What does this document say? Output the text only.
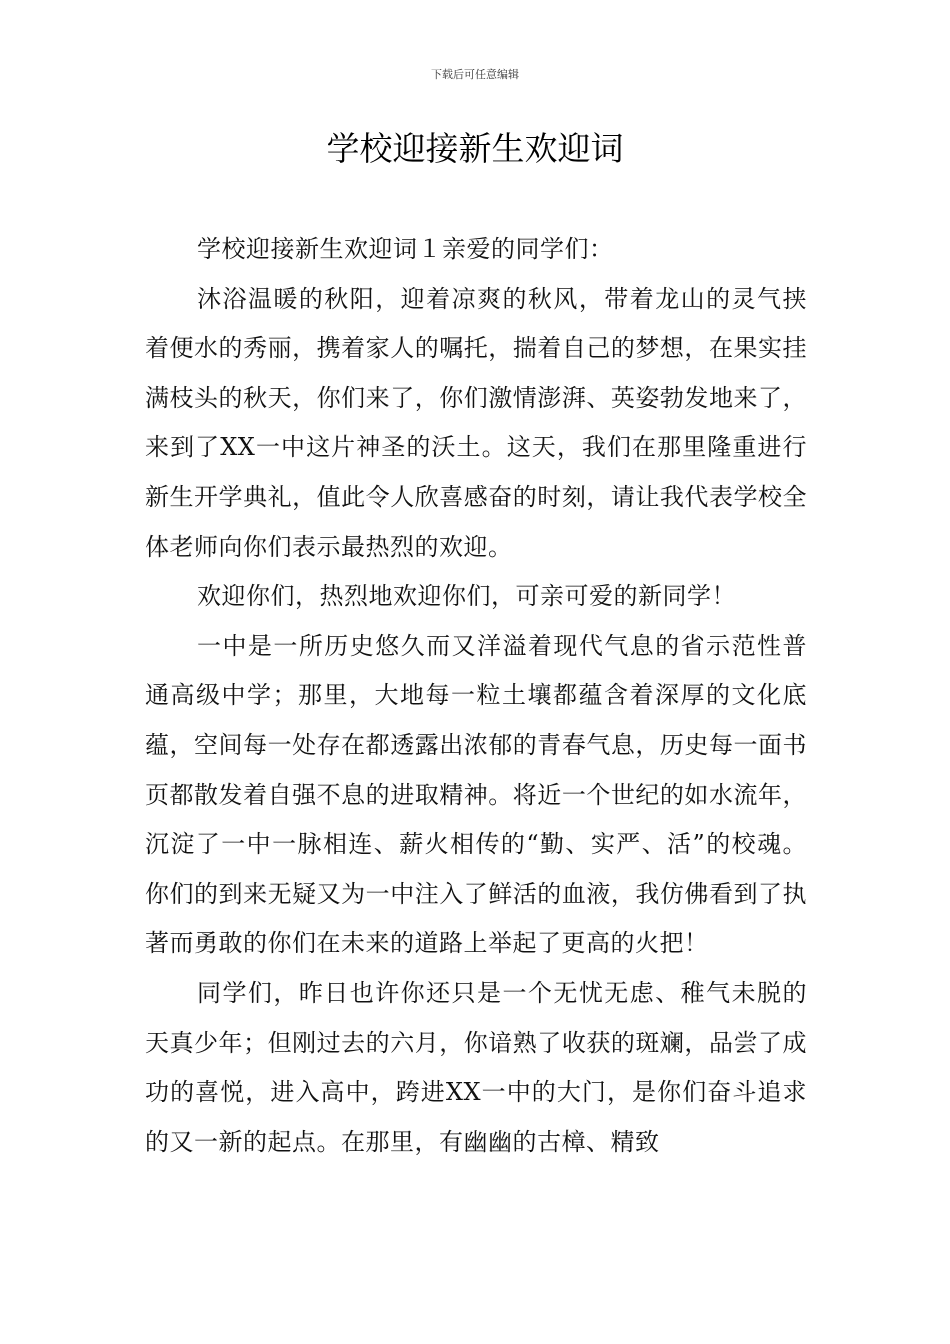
下载后可任意编辑
学校迎接新生欢迎词

学校迎接新生欢迎词１亲爱的同学们：

沐浴温暖的秋阳，迎着凉爽的秋风，带着龙山的灵气挟着便水的秀丽，携着家人的嘱托，揣着自己的梦想，在果实挂满枝头的秋天，你们来了，你们激情澎湃、英姿勃发地来了，来到了XX一中这片神圣的沃土。这天，我们在那里隆重进行新生开学典礼，值此令人欣喜感奋的时刻，请让我代表学校全体老师向你们表示最热烈的欢迎。

欢迎你们，热烈地欢迎你们，可亲可爱的新同学！

一中是一所历史悠久而又洋溢着现代气息的省示范性普通高级中学；那里，大地每一粒土壤都蕴含着深厚的文化底蕴，空间每一处存在都透露出浓郁的青春气息，历史每一面书页都散发着自强不息的进取精神。将近一个世纪的如水流年，沉淀了一中一脉相连、薪火相传的“勤、实严、活”的校魂。你们的到来无疑又为一中注入了鲜活的血液，我仿佛看到了执著而勇敢的你们在未来的道路上举起了更高的火把！

同学们，昨日也许你还只是一个无忧无虑、稚气未脱的天真少年；但刚过去的六月，你谙熟了收获的斑斓，品尝了成功的喜悦，进入高中，跨进XX一中的大门，是你们奋斗追求的又一新的起点。在那里，有幽幽的古樟、精致
